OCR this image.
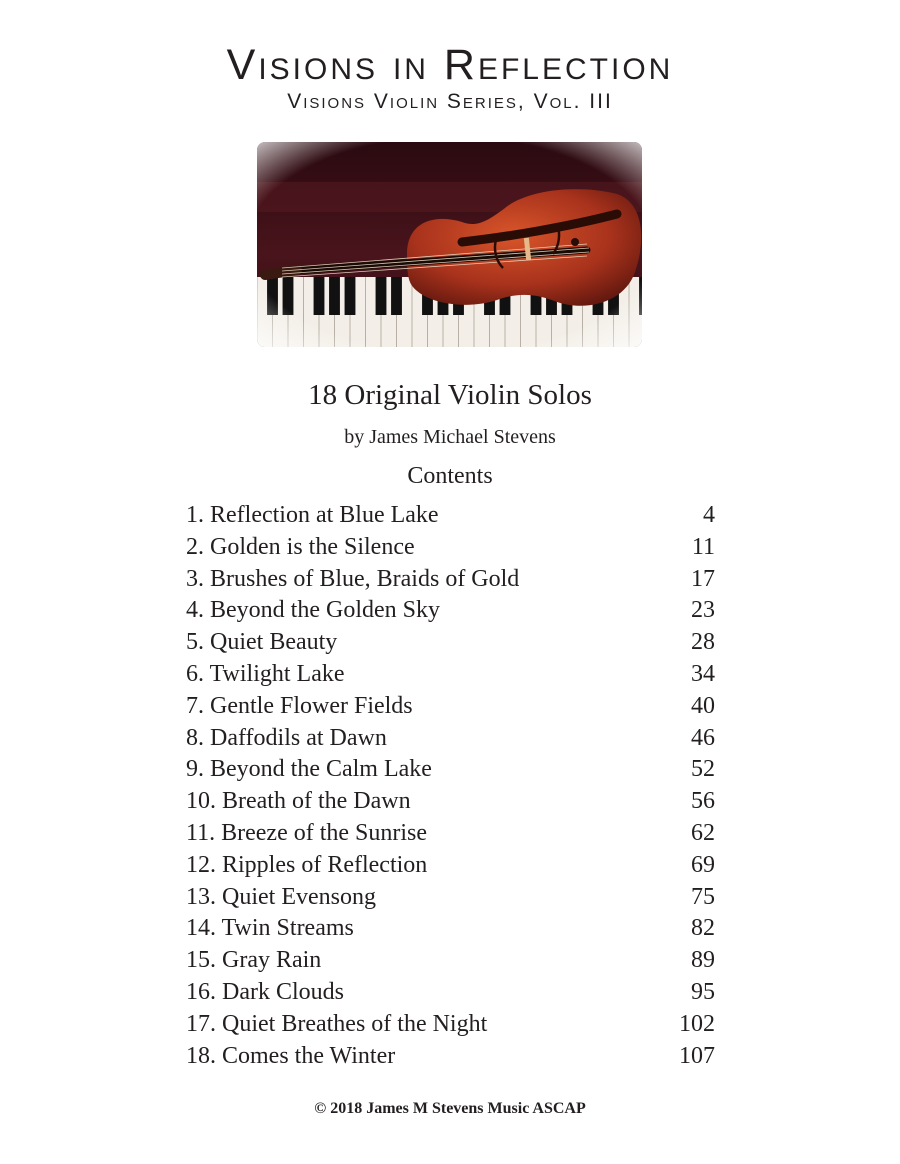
Visions in Reflection
Visions Violin Series, Vol. III
18 Original Violin Solos
by James Michael Stevens
Contents
1. Reflection at Blue Lake	4
2. Golden is the Silence	11
3. Brushes of Blue, Braids of Gold	17
4. Beyond the Golden Sky	23
5. Quiet Beauty	28
6. Twilight Lake	34
7. Gentle Flower Fields	40
8. Daffodils at Dawn	46
9. Beyond the Calm Lake	52
10. Breath of the Dawn	56
11. Breeze of the Sunrise	62
12. Ripples of Reflection	69
13. Quiet Evensong	75
14. Twin Streams	82
15. Gray Rain	89
16. Dark Clouds	95
17. Quiet Breathes of the Night	102
18. Comes the Winter	107
© 2018 James M Stevens Music ASCAP
